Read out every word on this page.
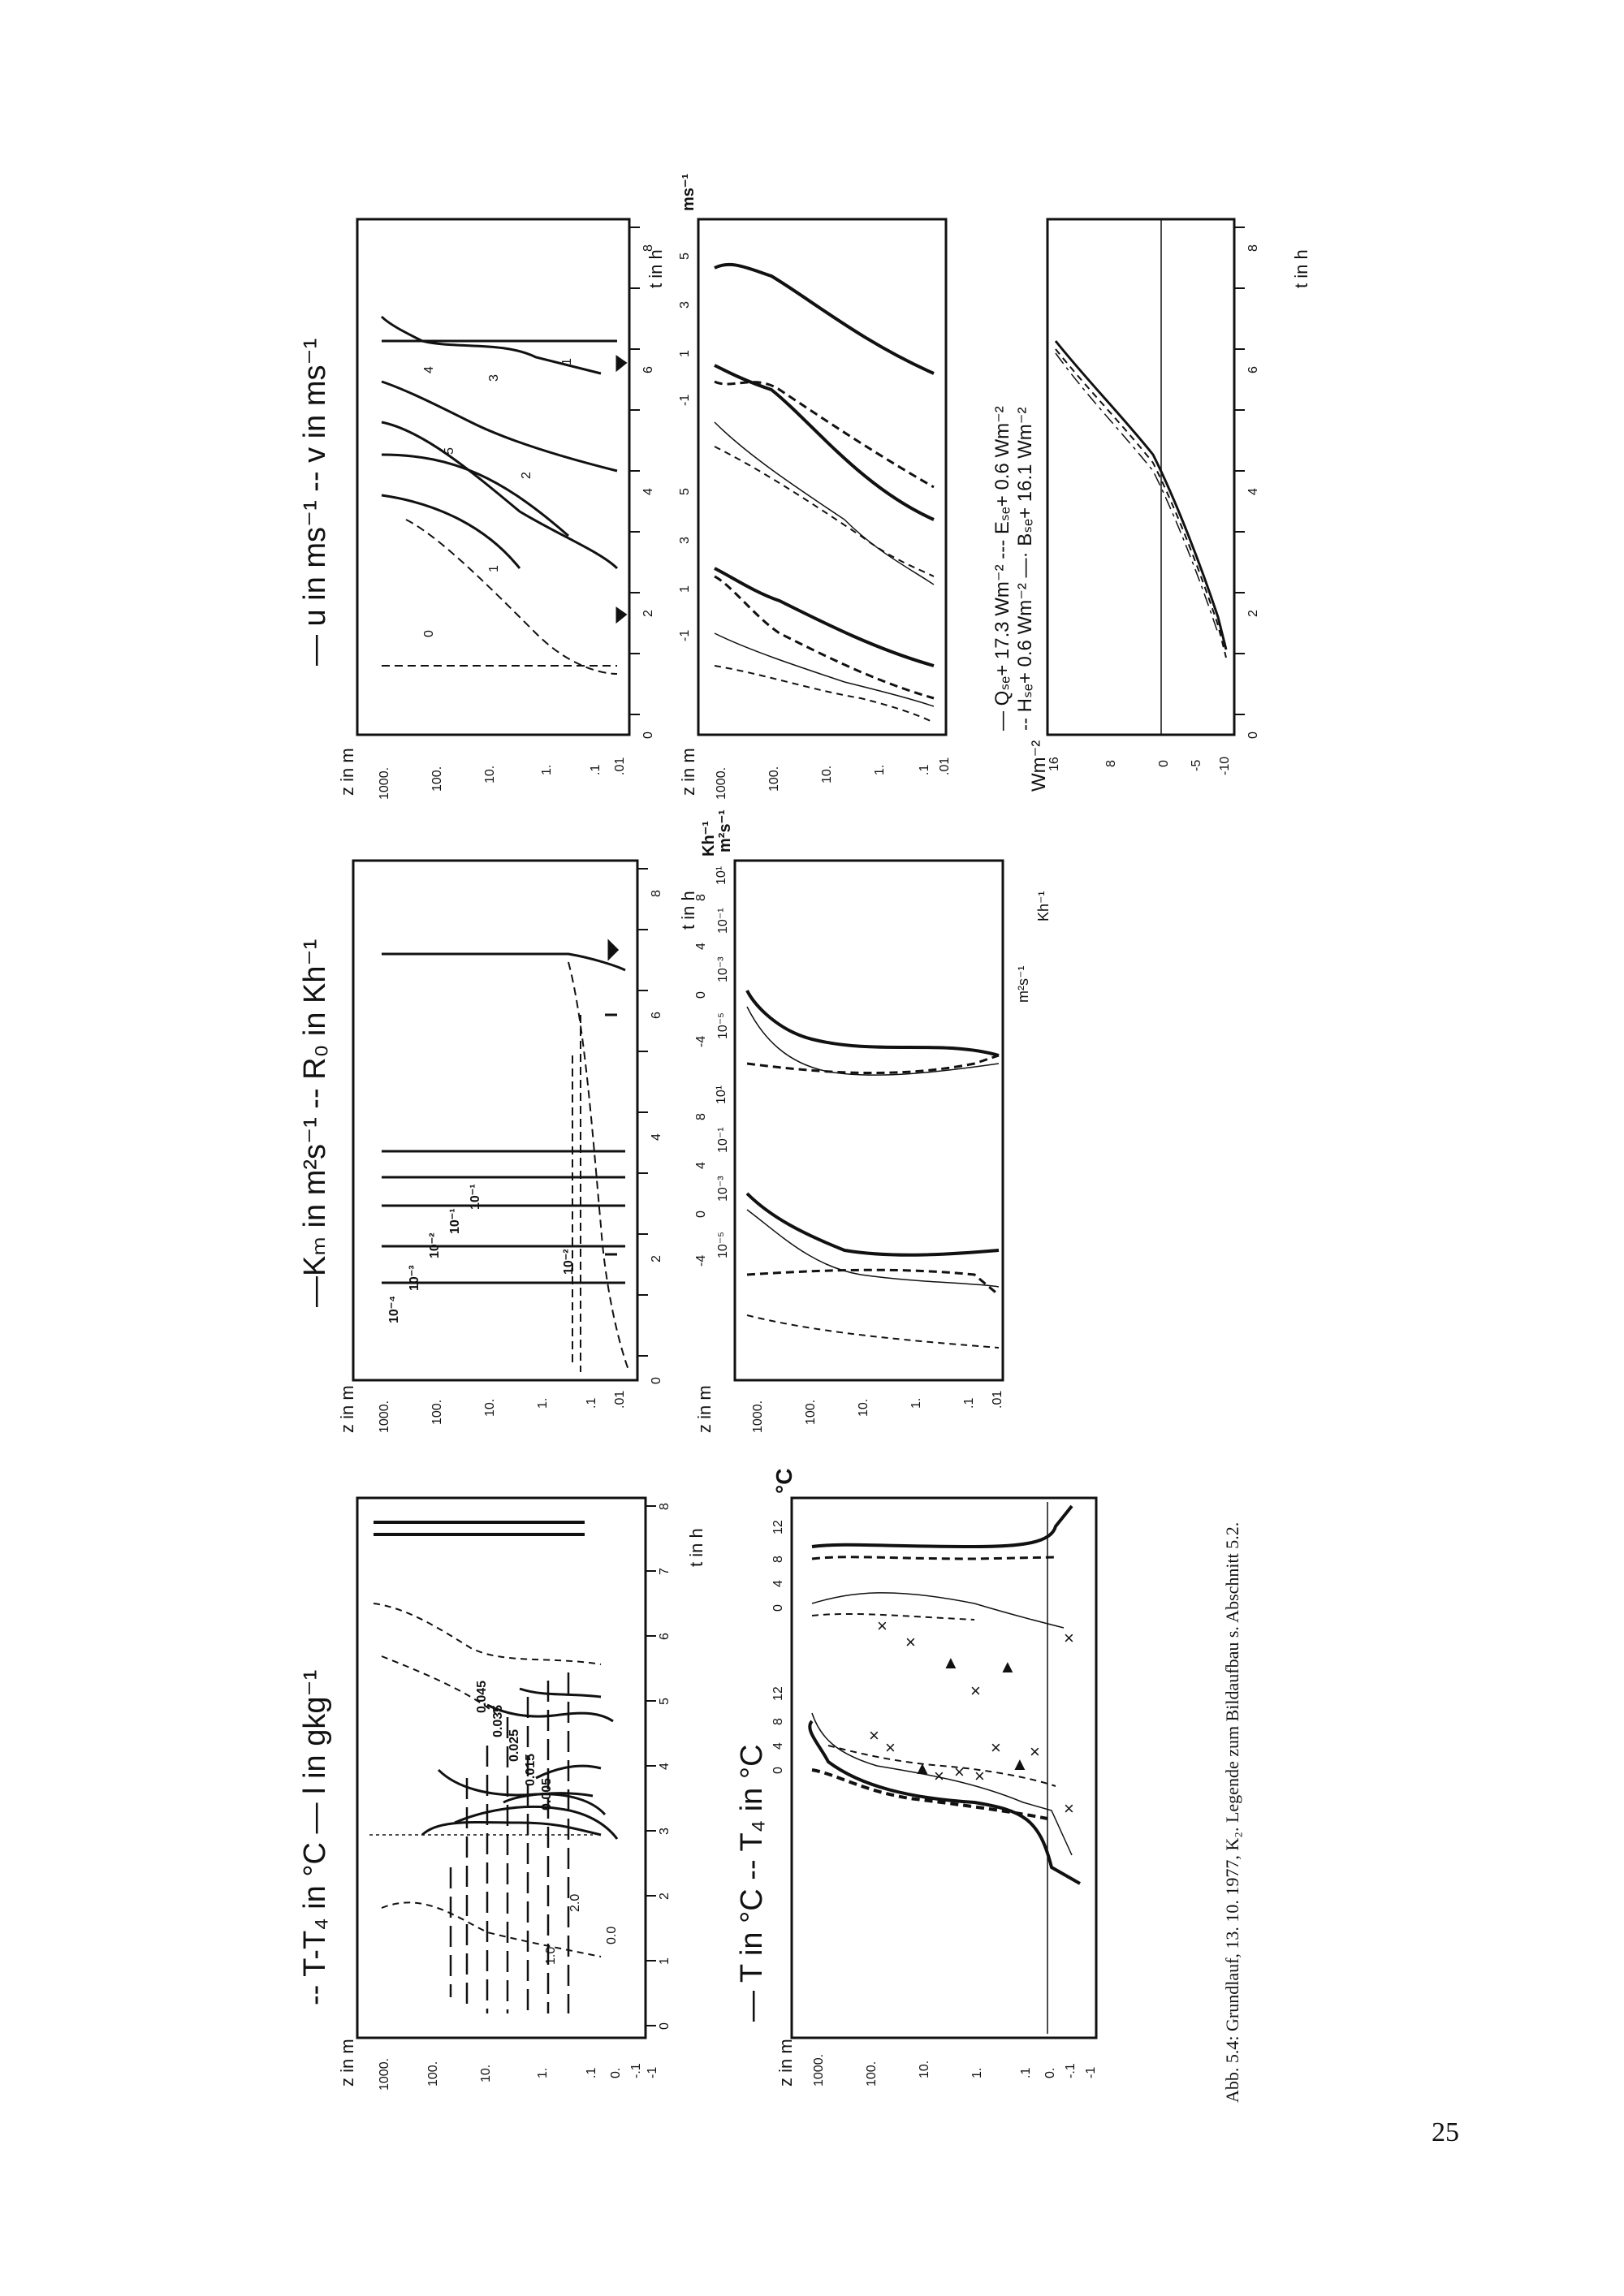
×
×
▲ × × ×
×
▲
×
×
▲
×
▲
×
×
×
-- T-T₄ in °C — l in gkg⁻¹	— T in °C -- T₄ in °C
°C
—Kₘ in m²s⁻¹ -- R₀ in Kh⁻¹
Kh⁻¹
m²s⁻¹
— u in ms⁻¹ -- v in ms⁻¹
ms⁻¹
Wm⁻²
— Qₛₑ+ 17.3 Wm⁻² --- Eₛₑ+ 0.6 Wm⁻² -- Hₛₑ+ 0.6 Wm⁻² —· Bₛₑ+ 16.1 Wm⁻²
z in m
t in h
z in m
z in m
t in h
z in m
z in m
t in h
z in m
t in h
1000.	100.	10.	1.	.1 0. -.1 -1
0
1
2
3
4
5
6
7
8
1000.	100.	10.	1.	.1 0. -.1 -1
0
4
8
12
0
4
8
12
1000.	100.	10.	1.	.1 .01
1000.	100.	10.	1.	.1 .01
0
2
4
6
8
10⁻⁵
10⁻³
10⁻¹
10¹
10⁻⁵
10⁻³
10⁻¹
10¹
-4
0
4
8
-4
0
4
8
m²s⁻¹
Kh⁻¹
10⁻⁴
10⁻³
10⁻²
10⁻¹
10⁻¹
10⁻²
1000.	100.	10.	1.	.1 .01
1000.	100.	10.	1. .1 .01
0
2
4
6
8
0
2
4
6
8
-1
1
3
5
-1
1
3
5
16	8	0 -5 -10
0.005
0.015
0.025
0.035
0.045
0.0
2.0
1.0
0
1
2
3
4
5
1
Abb. 5.4: Grundlauf, 13. 10. 1977, K₂. Legende zum Bildaufbau s. Abschnitt 5.2.
25
